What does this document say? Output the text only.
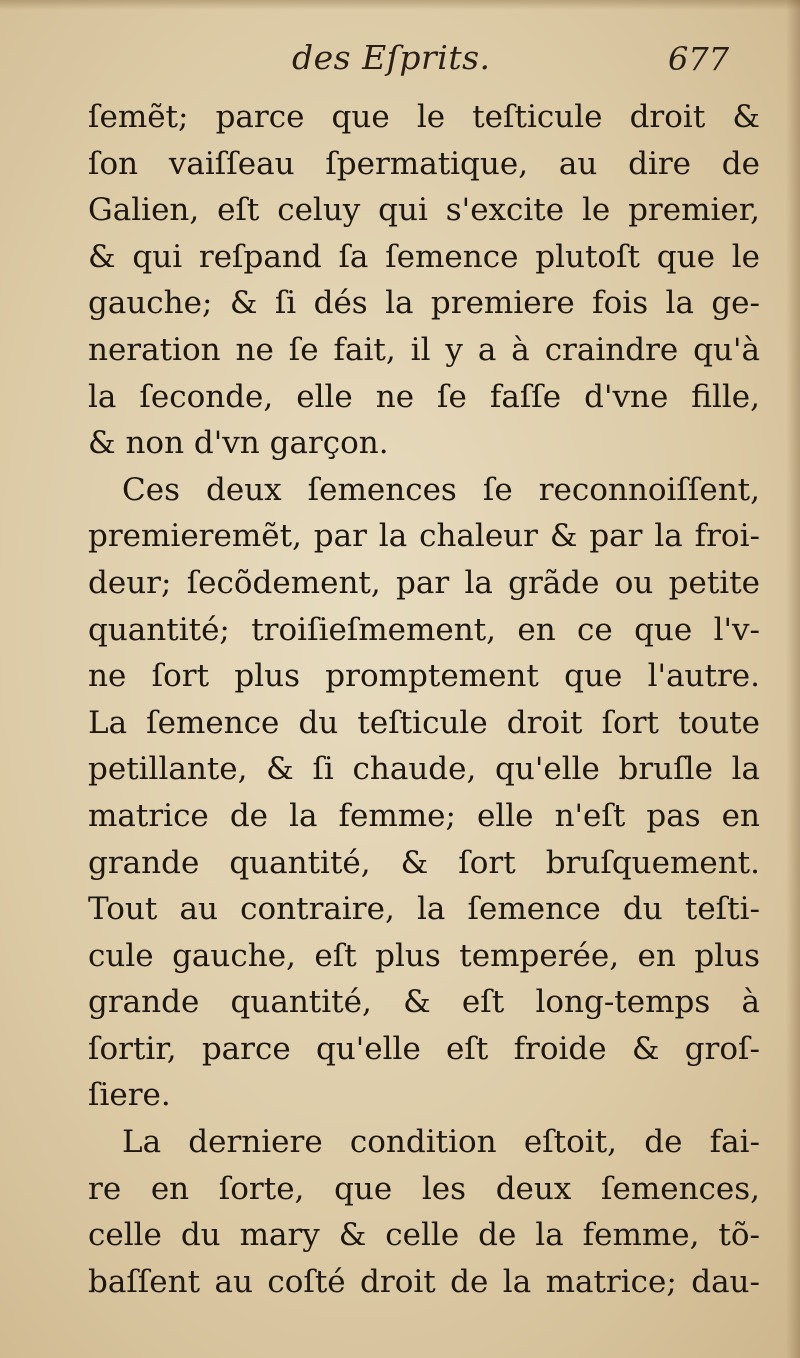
des Eſprits.	677
ſemẽt; parce que le teſticule droit &
ſon vaiſſeau ſpermatique, au dire de
Galien, eſt celuy qui s'excite le premier,
& qui reſpand ſa ſemence plutoſt que le
gauche; & ſi dés la premiere fois la ge-
neration ne ſe fait, il y a à craindre qu'à
la ſeconde, elle ne ſe faſſe d'vne fille,
& non d'vn garçon.
Ces deux ſemences ſe reconnoiſſent,
premieremẽt, par la chaleur & par la froi-
deur; ſecõdement, par la grãde ou petite
quantité; troiſieſmement, en ce que l'v-
ne ſort plus promptement que l'autre.
La ſemence du teſticule droit ſort toute
petillante, & ſi chaude, qu'elle bruſle la
matrice de la femme; elle n'eſt pas en
grande quantité, & ſort bruſquement.
Tout au contraire, la ſemence du teſti-
cule gauche, eſt plus temperée, en plus
grande quantité, & eſt long-temps à
ſortir, parce qu'elle eſt froide & groſ-
ſiere.
La derniere condition eſtoit, de fai-
re en ſorte, que les deux ſemences,
celle du mary & celle de la femme, tõ-
baſſent au coſté droit de la matrice; dau-
